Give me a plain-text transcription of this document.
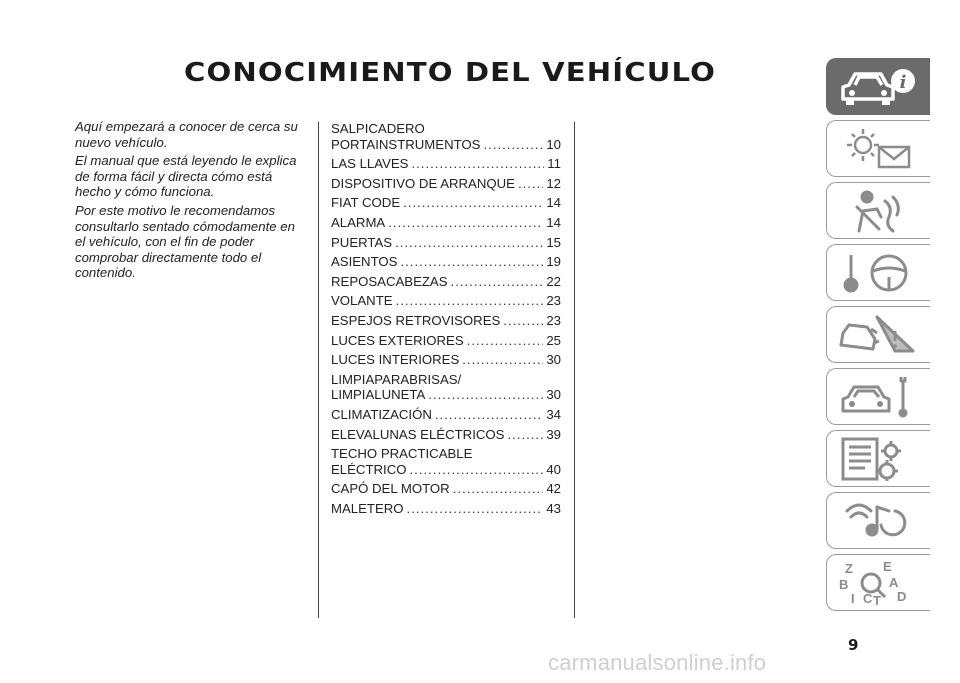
CONOCIMIENTO DEL VEHÍCULO

Aquí empezará a conocer de cerca su nuevo vehículo.

El manual que está leyendo le explica de forma fácil y directa cómo está hecho y cómo funciona.

Por este motivo le recomendamos consultarlo sentado cómodamente en el vehículo, con el fin de poder comprobar directamente todo el contenido.

SALPICADERO
PORTAINSTRUMENTOS .....	10
LAS LLAVES .....	11
DISPOSITIVO DE ARRANQUE ..... 12
FIAT CODE .....	14
ALARMA .....	14
PUERTAS .....	15
ASIENTOS .....	19
REPOSACABEZAS .....	22
VOLANTE .....	23
ESPEJOS RETROVISORES .....	23
LUCES EXTERIORES .....	25
LUCES INTERIORES .....	30
LIMPIAPARABRISAS/
LIMPIALUNETA .....	30
CLIMATIZACIÓN .....	34
ELEVALUNAS ELÉCTRICOS .....	39
TECHO PRACTICABLE
ELÉCTRICO .....	40
CAPÓ DEL MOTOR .....	42
MALETERO .....	43
i
Z E
B	A
I C T D
9
carmanualsonline.info
